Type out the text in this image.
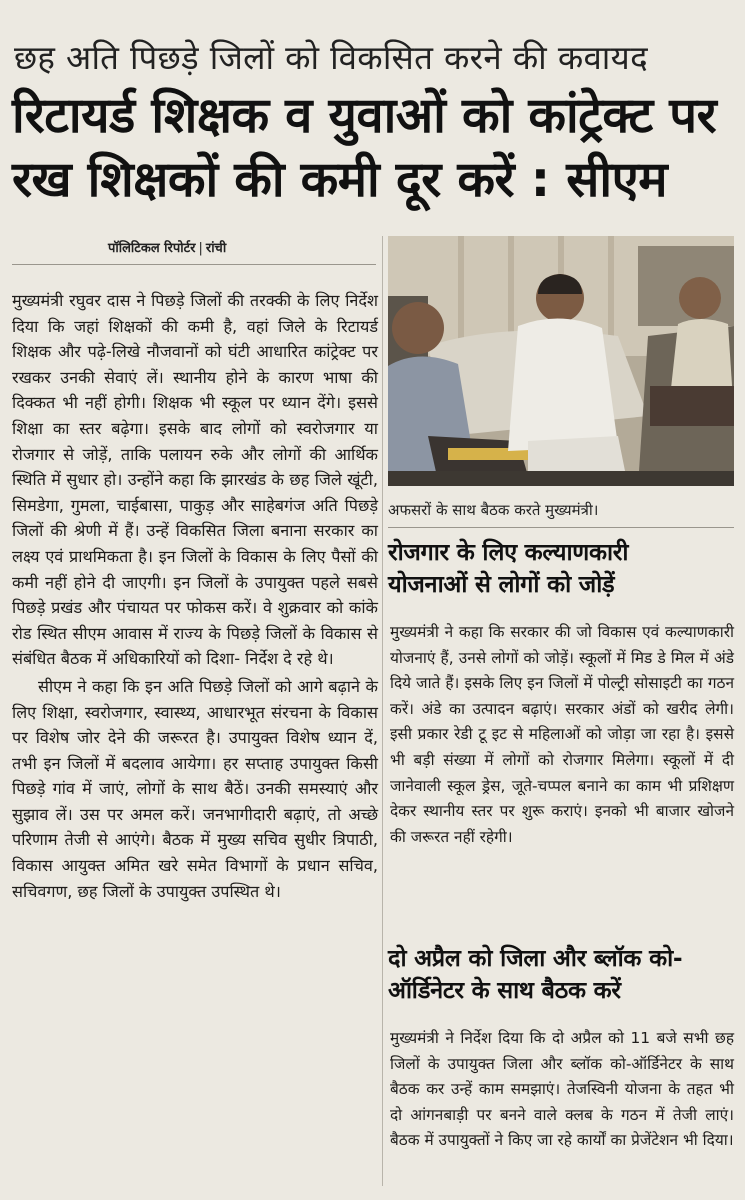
छह अति पिछड़े जिलों को विकसित करने की कवायद
रिटायर्ड शिक्षक व युवाओं को कांट्रेक्ट पर
रख शिक्षकों की कमी दूर करें : सीएम
पॉलिटिकल रिपोर्टर | रांची

मुख्यमंत्री रघुवर दास ने पिछड़े जिलों की तरक्की के लिए निर्देश दिया कि जहां शिक्षकों की कमी है, वहां जिले के रिटायर्ड शिक्षक और पढ़े-लिखे नौजवानों को घंटी आधारित कांट्रेक्ट पर रखकर उनकी सेवाएं लें। स्थानीय होने के कारण भाषा की दिक्कत भी नहीं होगी। शिक्षक भी स्कूल पर ध्यान देंगे। इससे शिक्षा का स्तर बढ़ेगा। इसके बाद लोगों को स्वरोजगार या रोजगार से जोड़ें, ताकि पलायन रुके और लोगों की आर्थिक स्थिति में सुधार हो। उन्होंने कहा कि झारखंड के छह जिले खूंटी, सिमडेगा, गुमला, चाईबासा, पाकुड़ और साहेबगंज अति पिछड़े जिलों की श्रेणी में हैं। उन्हें विकसित जिला बनाना सरकार का लक्ष्य एवं प्राथमिकता है। इन जिलों के विकास के लिए पैसों की कमी नहीं होने दी जाएगी। इन जिलों के उपायुक्त पहले सबसे पिछड़े प्रखंड और पंचायत पर फोकस करें। वे शुक्रवार को कांके रोड स्थित सीएम आवास में राज्य के पिछड़े जिलों के विकास से संबंधित बैठक में अधिकारियों को दिशा- निर्देश दे रहे थे।

सीएम ने कहा कि इन अति पिछड़े जिलों को आगे बढ़ाने के लिए शिक्षा, स्वरोजगार, स्वास्थ्य, आधारभूत संरचना के विकास पर विशेष जोर देने की जरूरत है। उपायुक्त विशेष ध्यान दें, तभी इन जिलों में बदलाव आयेगा। हर सप्ताह उपायुक्त किसी पिछड़े गांव में जाएं, लोगों के साथ बैठें। उनकी समस्याएं और सुझाव लें। उस पर अमल करें। जनभागीदारी बढ़ाएं, तो अच्छे परिणाम तेजी से आएंगे। बैठक में मुख्य सचिव सुधीर त्रिपाठी, विकास आयुक्त अमित खरे समेत विभागों के प्रधान सचिव, सचिवगण, छह जिलों के उपायुक्त उपस्थित थे।

अफसरों के साथ बैठक करते मुख्यमंत्री।
रोजगार के लिए कल्याणकारी
योजनाओं से लोगों को जोड़ें

मुख्यमंत्री ने कहा कि सरकार की जो विकास एवं कल्याणकारी योजनाएं हैं, उनसे लोगों को जोड़ें। स्कूलों में मिड डे मिल में अंडे दिये जाते हैं। इसके लिए इन जिलों में पोल्ट्री सोसाइटी का गठन करें। अंडे का उत्पादन बढ़ाएं। सरकार अंडों को खरीद लेगी। इसी प्रकार रेडी टू इट से महिलाओं को जोड़ा जा रहा है। इससे भी बड़ी संख्या में लोगों को रोजगार मिलेगा। स्कूलों में दी जानेवाली स्कूल ड्रेस, जूते-चप्पल बनाने का काम भी प्रशिक्षण देकर स्थानीय स्तर पर शुरू कराएं। इनको भी बाजार खोजने की जरूरत नहीं रहेगी।

दो अप्रैल को जिला और ब्लॉक को-
ऑर्डिनेटर के साथ बैठक करें

मुख्यमंत्री ने निर्देश दिया कि दो अप्रैल को 11 बजे सभी छह जिलों के उपायुक्त जिला और ब्लॉक को-ऑर्डिनेटर के साथ बैठक कर उन्हें काम समझाएं। तेजस्विनी योजना के तहत भी दो आंगनबाड़ी पर बनने वाले क्लब के गठन में तेजी लाएं। बैठक में उपायुक्तों ने किए जा रहे कार्यों का प्रेजेंटेशन भी दिया।
